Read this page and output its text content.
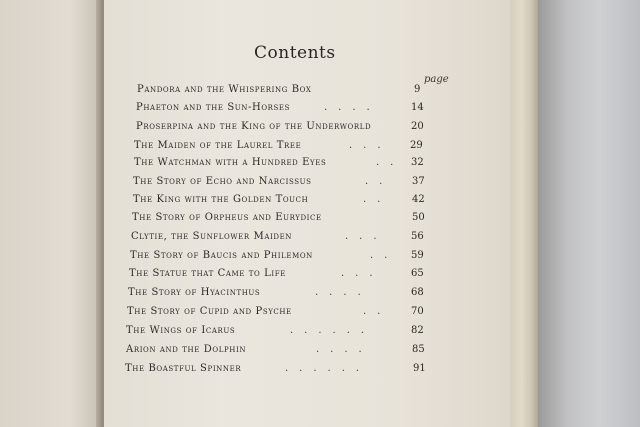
Contents
page
Pandora and the Whispering Box	9
Phaeton and the Sun-Horses	....	14
Proserpina and the King of the Underworld	20
The Maiden of the Laurel Tree	... 29
The Watchman with a Hundred Eyes	.. 32
The Story of Echo and Narcissus	.. 37
The King with the Golden Touch	.. 42
The Story of Orpheus and Eurydice	50
Clytie, the Sunflower Maiden	... 56
The Story of Baucis and Philemon	.. 59
The Statue that Came to Life	...	65
The Story of Hyacinthus	....	68
The Story of Cupid and Psyche	.. 70
The Wings of Icarus	......	82
Arion and the Dolphin	....	85
The Boastful Spinner	......	91
